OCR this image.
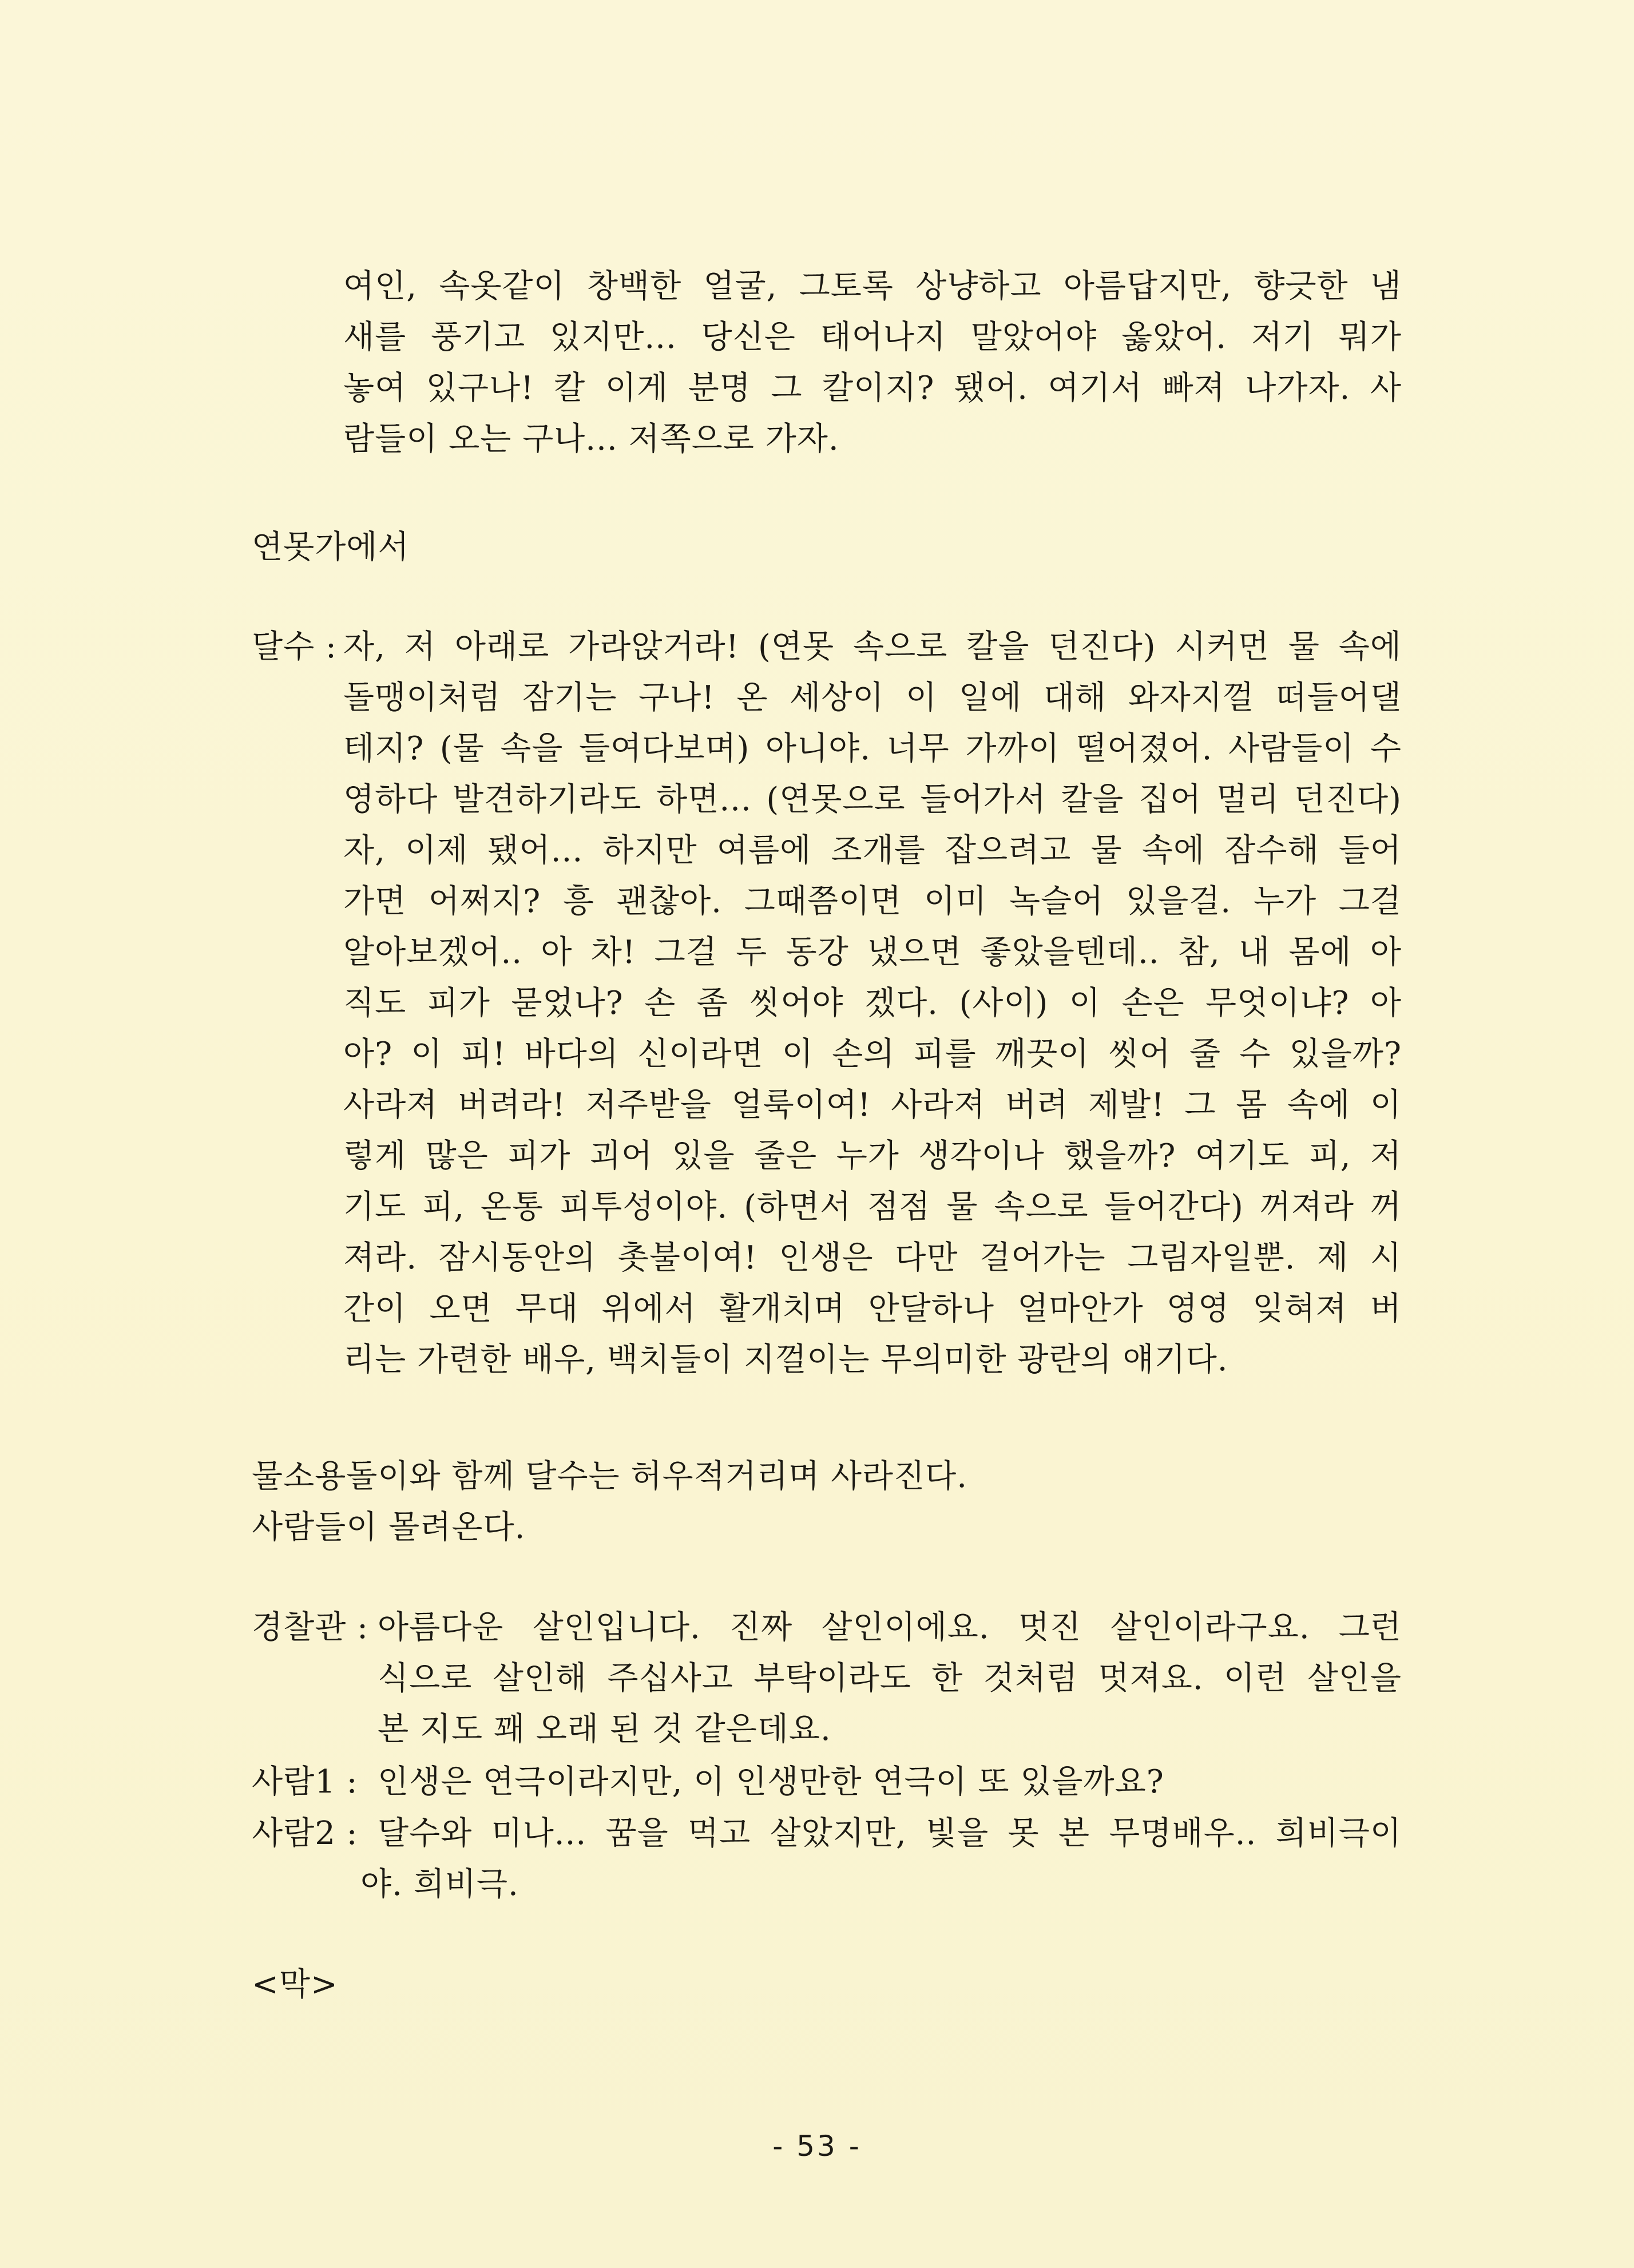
여인, 속옷같이 창백한 얼굴, 그토록 상냥하고 아름답지만, 향긋한 냄
새를 풍기고 있지만... 당신은 태어나지 말았어야 옳았어. 저기 뭐가
놓여 있구나! 칼 이게 분명 그 칼이지? 됐어. 여기서 빠져 나가자. 사
람들이 오는 구나... 저쪽으로 가자.
연못가에서
달수 : 자, 저 아래로 가라앉거라! (연못 속으로 칼을 던진다) 시커먼 물 속에
돌맹이처럼 잠기는 구나! 온 세상이 이 일에 대해 와자지껄 떠들어댈
테지? (물 속을 들여다보며) 아니야. 너무 가까이 떨어졌어. 사람들이 수
영하다 발견하기라도 하면... (연못으로 들어가서 칼을 집어 멀리 던진다)
자, 이제 됐어... 하지만 여름에 조개를 잡으려고 물 속에 잠수해 들어
가면 어쩌지? 흥 괜찮아. 그때쯤이면 이미 녹슬어 있을걸. 누가 그걸
알아보겠어.. 아 차! 그걸 두 동강 냈으면 좋았을텐데.. 참, 내 몸에 아
직도 피가 묻었나? 손 좀 씻어야 겠다. (사이) 이 손은 무엇이냐? 아
아? 이 피! 바다의 신이라면 이 손의 피를 깨끗이 씻어 줄 수 있을까?
사라져 버려라! 저주받을 얼룩이여! 사라져 버려 제발! 그 몸 속에 이
렇게 많은 피가 괴어 있을 줄은 누가 생각이나 했을까? 여기도 피, 저
기도 피, 온통 피투성이야. (하면서 점점 물 속으로 들어간다) 꺼져라 꺼
져라. 잠시동안의 촛불이여! 인생은 다만 걸어가는 그림자일뿐. 제 시
간이 오면 무대 위에서 활개치며 안달하나 얼마안가 영영 잊혀져 버
리는 가련한 배우, 백치들이 지껄이는 무의미한 광란의 얘기다.
물소용돌이와 함께 달수는 허우적거리며 사라진다.
사람들이 몰려온다.
경찰관 : 아름다운 살인입니다. 진짜 살인이에요. 멋진 살인이라구요. 그런
식으로 살인해 주십사고 부탁이라도 한 것처럼 멋져요. 이런 살인을
본 지도 꽤 오래 된 것 같은데요.
사람1 : 인생은 연극이라지만, 이 인생만한 연극이 또 있을까요?
사람2 : 달수와 미나... 꿈을 먹고 살았지만, 빛을 못 본 무명배우.. 희비극이
야. 희비극.
<막>
- 53 -
